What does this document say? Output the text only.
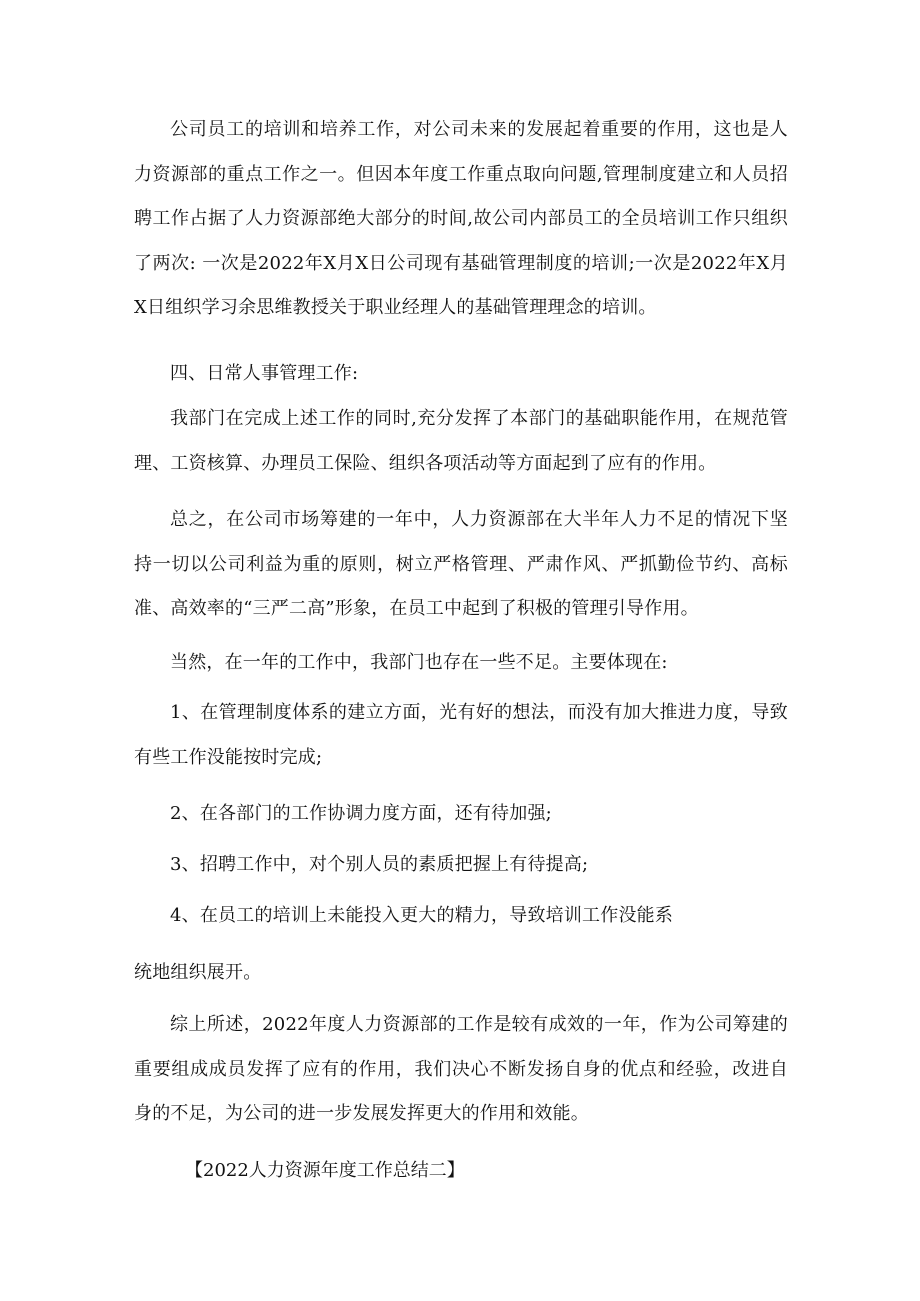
公司员工的培训和培养工作，对公司未来的发展起着重要的作用，这也是人力资源部的重点工作之一。但因本年度工作重点取向问题,管理制度建立和人员招聘工作占据了人力资源部绝大部分的时间,故公司内部员工的全员培训工作只组织了两次: 一次是2022年X月X日公司现有基础管理制度的培训;一次是2022年X月X日组织学习余思维教授关于职业经理人的基础管理理念的培训。

四、日常人事管理工作:

我部门在完成上述工作的同时,充分发挥了本部门的基础职能作用，在规范管理、工资核算、办理员工保险、组织各项活动等方面起到了应有的作用。

总之，在公司市场筹建的一年中，人力资源部在大半年人力不足的情况下坚持一切以公司利益为重的原则，树立严格管理、严肃作风、严抓勤俭节约、高标准、高效率的“三严二高”形象，在员工中起到了积极的管理引导作用。

当然，在一年的工作中，我部门也存在一些不足。主要体现在:

1、在管理制度体系的建立方面，光有好的想法，而没有加大推进力度，导致有些工作没能按时完成;

2、在各部门的工作协调力度方面，还有待加强;

3、招聘工作中，对个别人员的素质把握上有待提高;

4、在员工的培训上未能投入更大的精力，导致培训工作没能系

统地组织展开。

综上所述，2022年度人力资源部的工作是较有成效的一年，作为公司筹建的重要组成成员发挥了应有的作用，我们决心不断发扬自身的优点和经验，改进自身的不足，为公司的进一步发展发挥更大的作用和效能。

【2022人力资源年度工作总结二】
